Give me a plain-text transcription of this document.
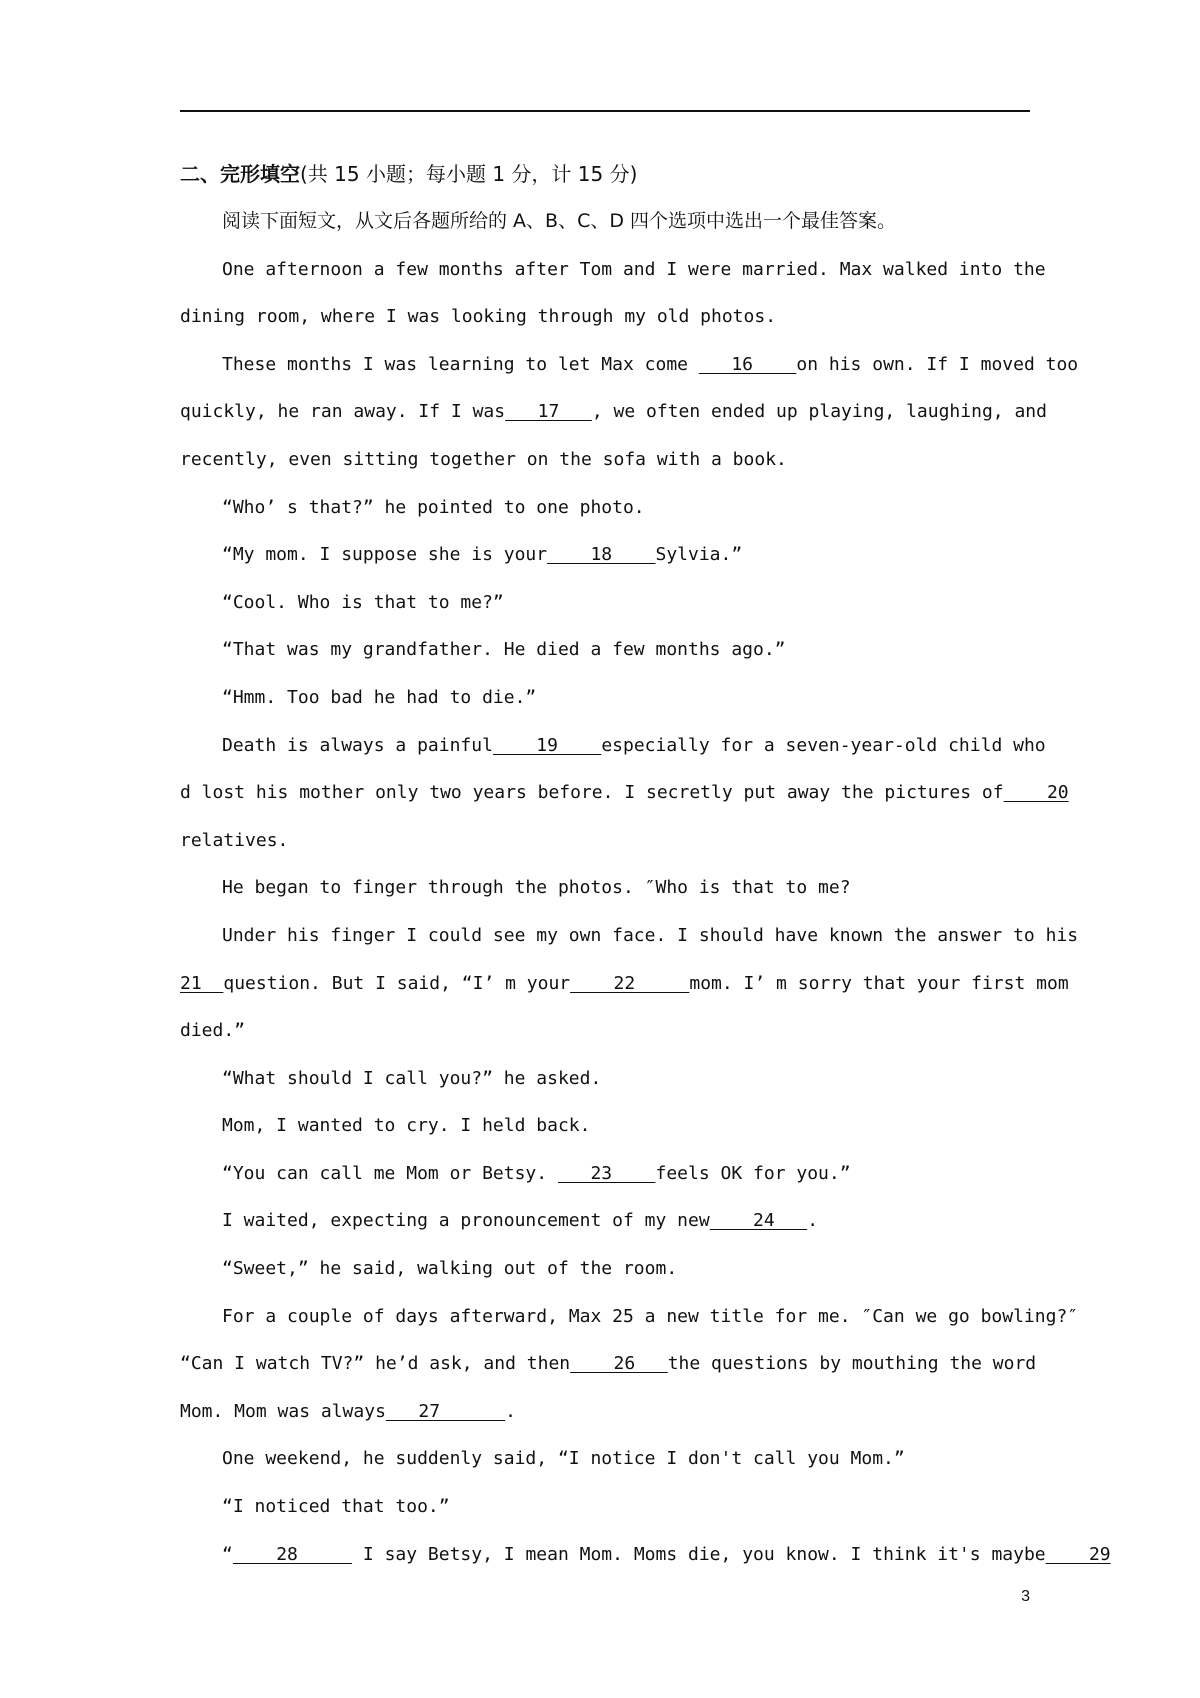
二、完形填空(共 15 小题；每小题 1 分，计 15 分)
阅读下面短文，从文后各题所给的 A、B、C、D 四个选项中选出一个最佳答案。
One afternoon a few months after Tom and I were married. Max walked into the
dining room, where I was looking through my old photos.
These months I was learning to let Max come    16    on his own. If I moved too
quickly, he ran away. If I was   17   , we often ended up playing, laughing, and
recently, even sitting together on the sofa with a book.
“Who’ s that?” he pointed to one photo.
“My mom. I suppose she is your    18    Sylvia.”
“Cool. Who is that to me?”
“That was my grandfather. He died a few months ago.”
“Hmm. Too bad he had to die.”
Death is always a painful    19    especially for a seven-year-old child who
d lost his mother only two years before. I secretly put away the pictures of    20
relatives.
He began to finger through the photos. ″Who is that to me?
Under his finger I could see my own face. I should have known the answer to his
21  question. But I said, “I’ m your    22     mom. I’ m sorry that your first mom
died.”
“What should I call you?” he asked.
Mom, I wanted to cry. I held back.
“You can call me Mom or Betsy.    23    feels OK for you.”
I waited, expecting a pronouncement of my new    24   .
“Sweet,” he said, walking out of the room.
For a couple of days afterward, Max 25 a new title for me. ″Can we go bowling?″
“Can I watch TV?” he’d ask, and then    26   the questions by mouthing the word
Mom. Mom was always   27      .
One weekend, he suddenly said, “I notice I don't call you Mom.”
“I noticed that too.”
“    28      I say Betsy, I mean Mom. Moms die, you know. I think it's maybe    29
3
